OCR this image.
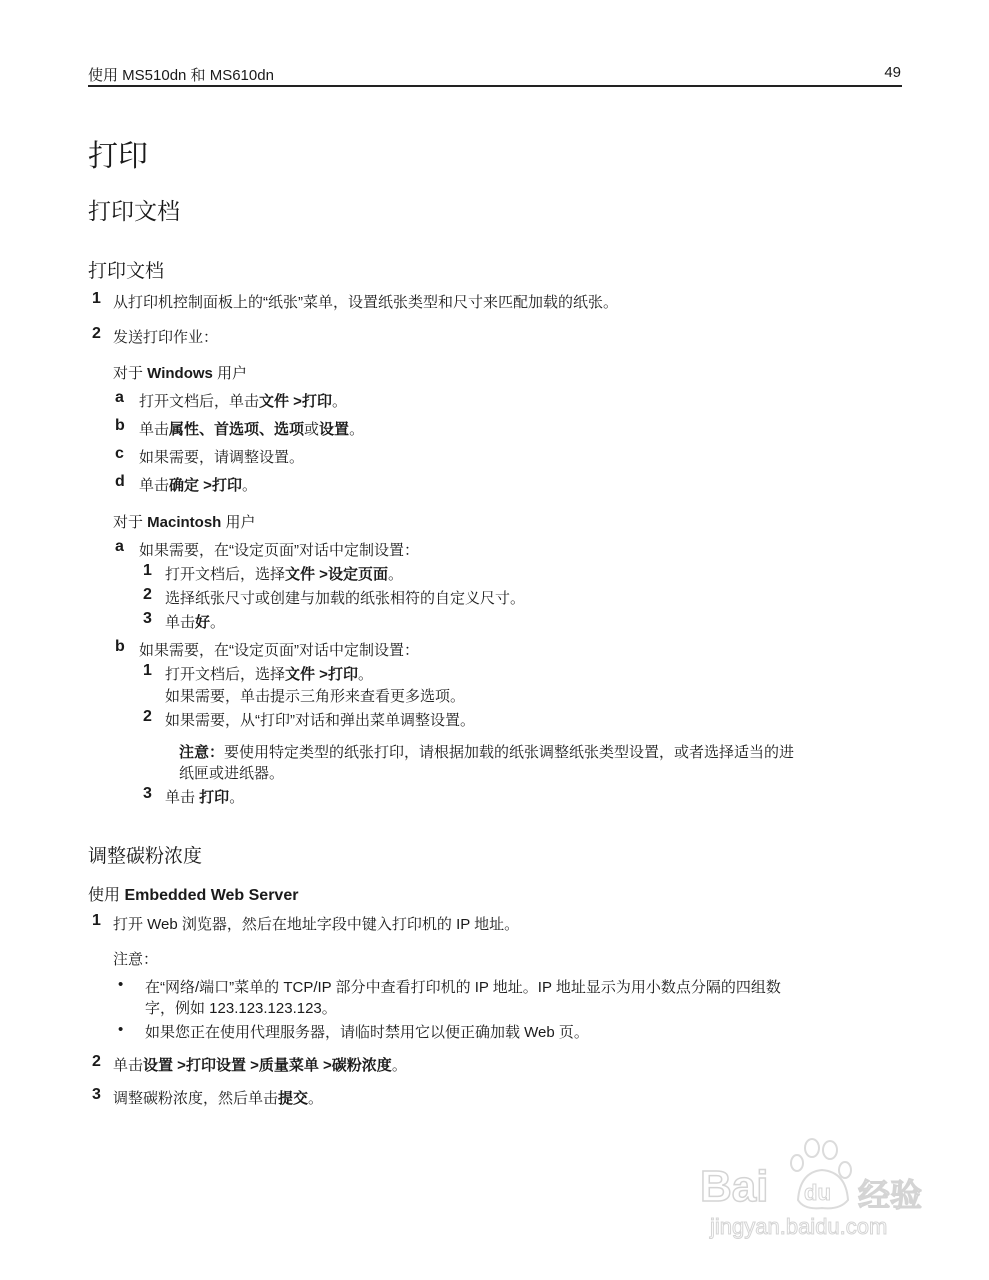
使用 MS510dn 和 MS610dn	49
打印
打印文档
打印文档
1 从打印机控制面板上的“纸张”菜单，设置纸张类型和尺寸来匹配加载的纸张。
2 发送打印作业：
对于 Windows 用户
a 打开文档后，单击文件 >打印。
b 单击属性、首选项、选项或设置。
c 如果需要，请调整设置。
d 单击确定 >打印。
对于 Macintosh 用户
a 如果需要，在“设定页面”对话中定制设置：
1 打开文档后，选择文件 >设定页面。
2 选择纸张尺寸或创建与加载的纸张相符的自定义尺寸。
3 单击好。
b 如果需要，在“设定页面”对话中定制设置：
1 打开文档后，选择文件 >打印。
如果需要，单击提示三角形来查看更多选项。
2 如果需要，从“打印”对话和弹出菜单调整设置。
注意：要使用特定类型的纸张打印，请根据加载的纸张调整纸张类型设置，或者选择适当的进
纸匣或进纸器。
3 单击 打印。
调整碳粉浓度
使用 Embedded Web Server
1 打开 Web 浏览器，然后在地址字段中键入打印机的 IP 地址。
注意：
• 在“网络/端口”菜单的 TCP/IP 部分中查看打印机的 IP 地址。IP 地址显示为用小数点分隔的四组数
字，例如 123.123.123.123。
• 如果您正在使用代理服务器，请临时禁用它以便正确加载 Web 页。
2 单击设置 >打印设置 >质量菜单 >碳粉浓度。
3 调整碳粉浓度，然后单击提交。
Bai du 经验
jingyan.baidu.com
